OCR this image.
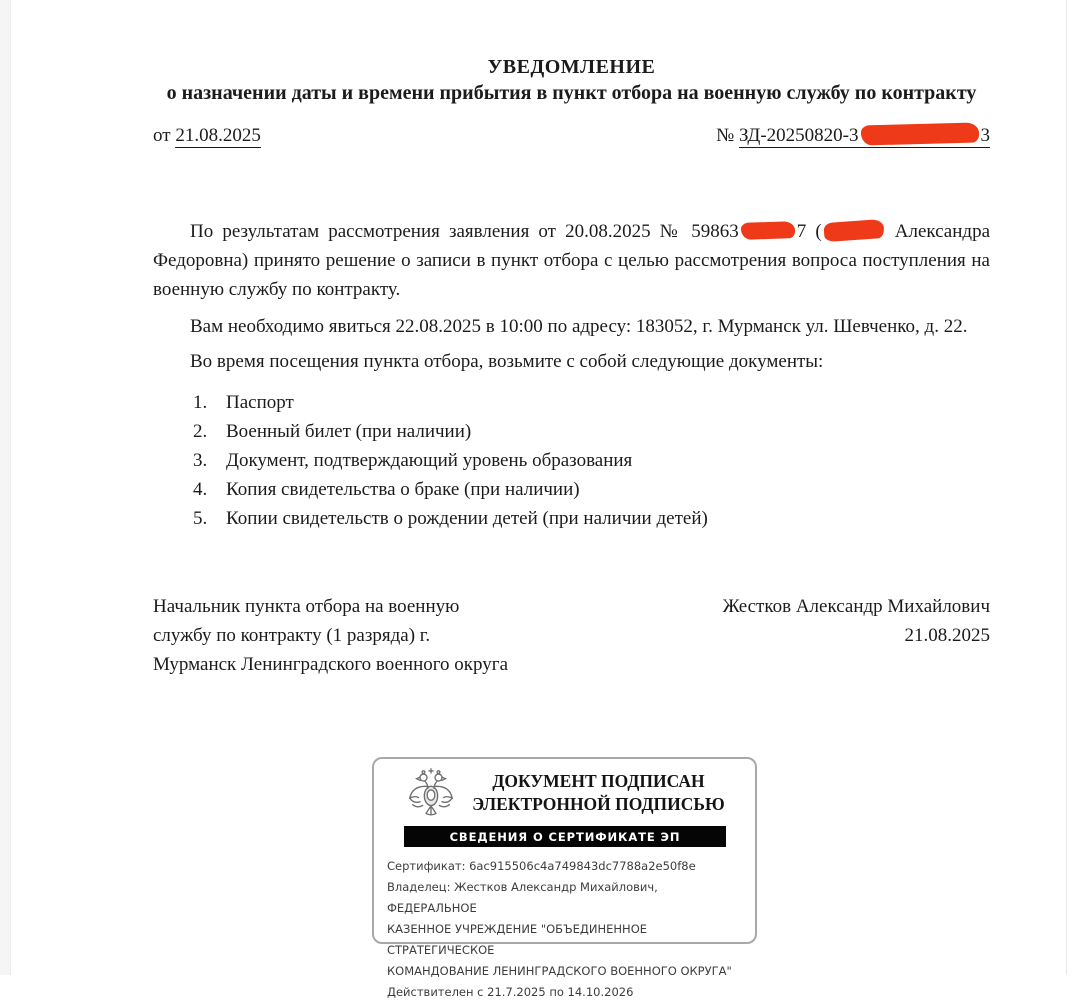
УВЕДОМЛЕНИЕ
о назначении даты и времени прибытия в пункт отбора на военную службу по контракту
от 21.08.2025	№ ЗД-20250820-3	3

По результатам рассмотрения заявления от 20.08.2025 № 59863	7 (	Александра Федоровна) принято решение о записи в пункт отбора с целью рассмотрения вопроса поступления на военную службу по контракту.

Вам необходимо явиться 22.08.2025 в 10:00 по адресу: 183052, г. Мурманск ул. Шевченко, д. 22.

Во время посещения пункта отбора, возьмите с собой следующие документы:

1. Паспорт
2. Военный билет (при наличии)
3. Документ, подтверждающий уровень образования
4. Копия свидетельства о браке (при наличии)
5. Копии свидетельств о рождении детей (при наличии детей)
Начальник пункта отбора на военную
службу по контракту (1 разряда) г.
Мурманск Ленинградского военного округа
Жестков Александр Михайлович
21.08.2025
ДОКУМЕНТ ПОДПИСАН
ЭЛЕКТРОННОЙ ПОДПИСЬЮ
СВЕДЕНИЯ О СЕРТИФИКАТЕ ЭП
Сертификат: 6ac915506c4a749843dc7788a2e50f8e
Владелец: Жестков Александр Михайлович, ФЕДЕРАЛЬНОЕ
КАЗЕННОЕ УЧРЕЖДЕНИЕ "ОБЪЕДИНЕННОЕ СТРАТЕГИЧЕСКОЕ
КОМАНДОВАНИЕ ЛЕНИНГРАДСКОГО ВОЕННОГО ОКРУГА"
Действителен с 21.7.2025 по 14.10.2026
